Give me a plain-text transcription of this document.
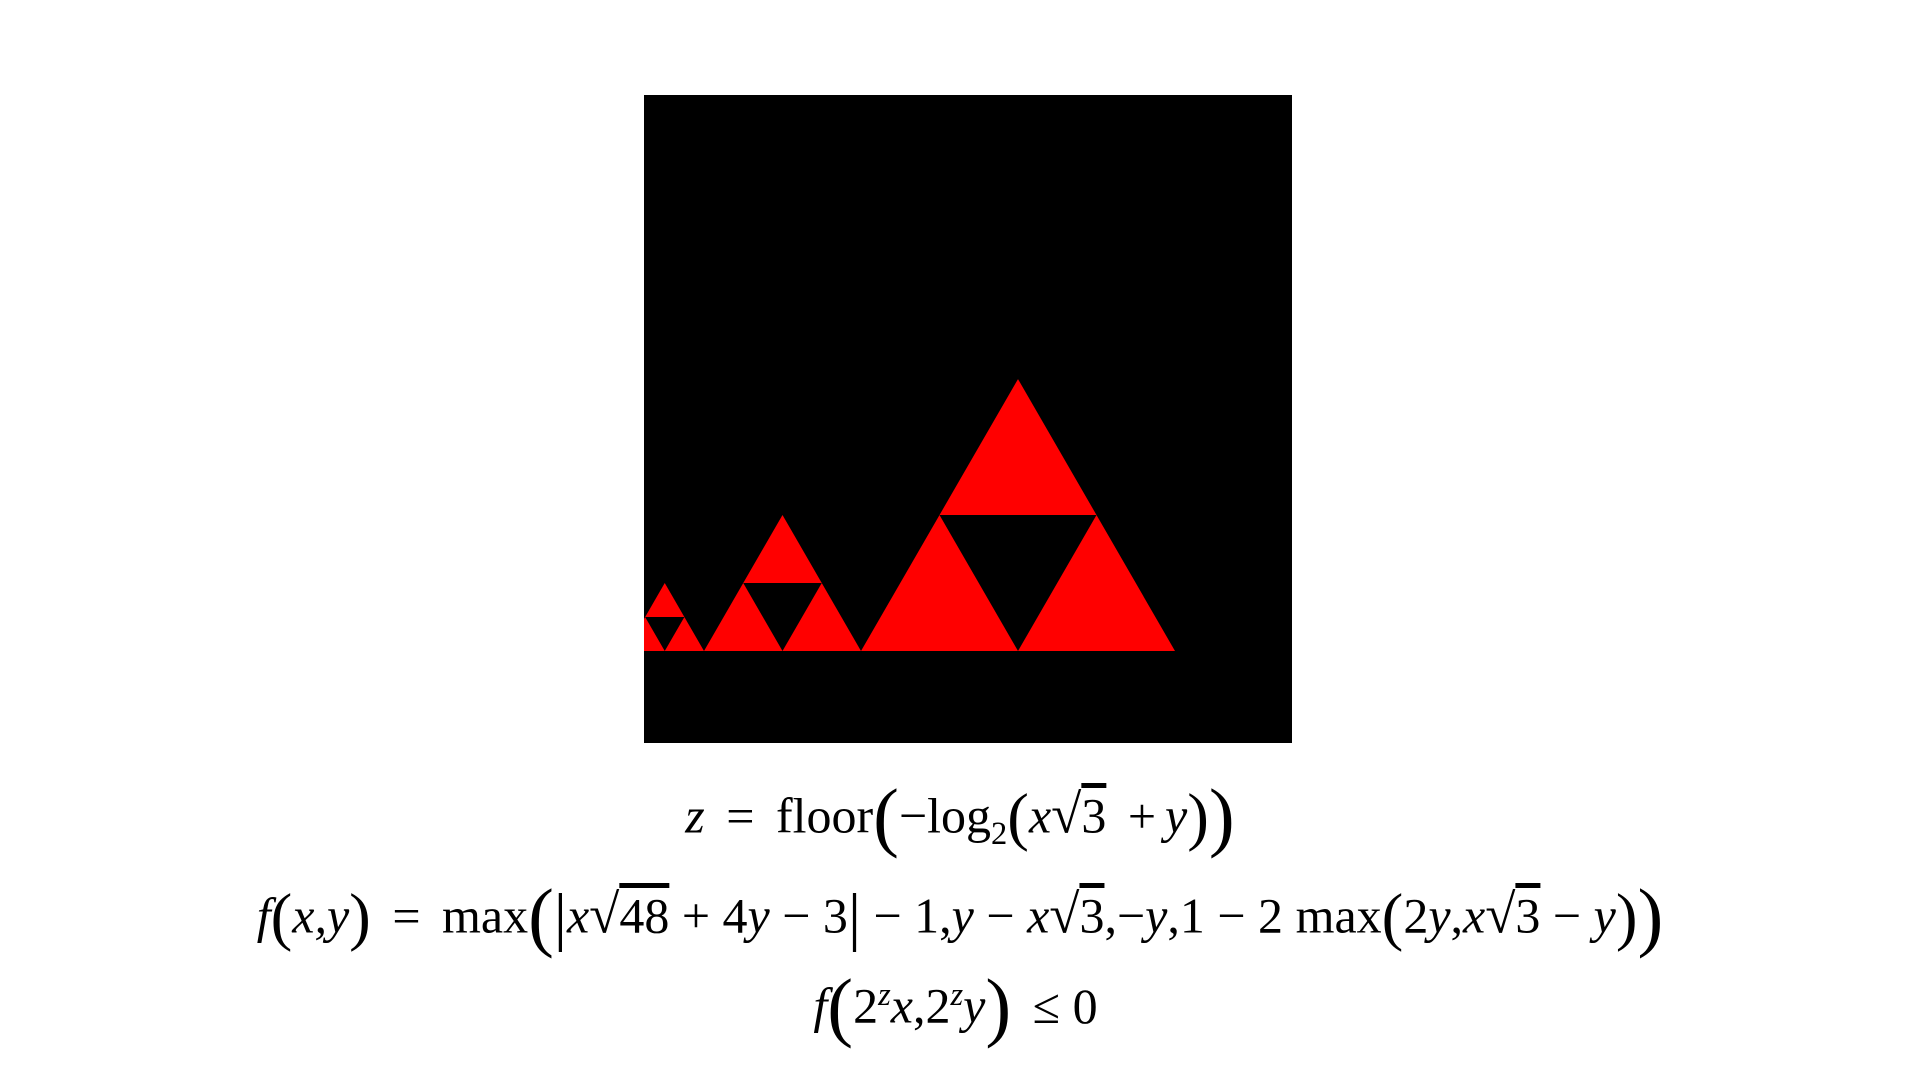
$z = floor(-\log_2(x√3 + y))$
f(x,y) = max(|x√48 + 4y − 3| − 1,y − x√3,−y,1 − 2 max(2y,x√3 − y))
$f(2^zx,2^zy) \le 0$
